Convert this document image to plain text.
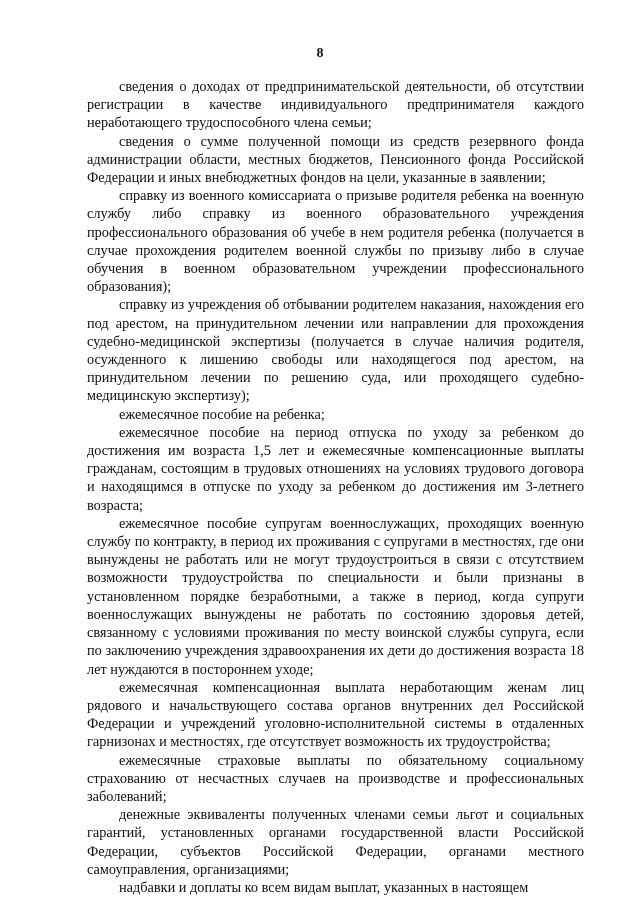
8

сведения о доходах от предпринимательской деятельности, об отсутствии регистрации в качестве индивидуального предпринимателя каждого неработающего трудоспособного члена семьи;

сведения о сумме полученной помощи из средств резервного фонда администрации области, местных бюджетов, Пенсионного фонда Российской Федерации и иных внебюджетных фондов на цели, указанные в заявлении;

справку из военного комиссариата о призыве родителя ребенка на военную службу либо справку из военного образовательного учреждения профессионального образования об учебе в нем родителя ребенка (получается в случае прохождения родителем военной службы по призыву либо в случае обучения в военном образовательном учреждении профессионального образования);

справку из учреждения об отбывании родителем наказания, нахождения его под арестом, на принудительном лечении или направлении для прохождения судебно-медицинской экспертизы (получается в случае наличия родителя, осужденного к лишению свободы или находящегося под арестом, на принудительном лечении по решению суда, или проходящего судебно-медицинскую экспертизу);

ежемесячное пособие на ребенка;

ежемесячное пособие на период отпуска по уходу за ребенком до достижения им возраста 1,5 лет и ежемесячные компенсационные выплаты гражданам, состоящим в трудовых отношениях на условиях трудового договора и находящимся в отпуске по уходу за ребенком до достижения им 3-летнего возраста;

ежемесячное пособие супругам военнослужащих, проходящих военную службу по контракту, в период их проживания с супругами в местностях, где они вынуждены не работать или не могут трудоустроиться в связи с отсутствием возможности трудоустройства по специальности и были признаны в установленном порядке безработными, а также в период, когда супруги военнослужащих вынуждены не работать по состоянию здоровья детей, связанному с условиями проживания по месту воинской службы супруга, если по заключению учреждения здравоохранения их дети до достижения возраста 18 лет нуждаются в постороннем уходе;

ежемесячная компенсационная выплата неработающим женам лиц рядового и начальствующего состава органов внутренних дел Российской Федерации и учреждений уголовно-исполнительной системы в отдаленных гарнизонах и местностях, где отсутствует возможность их трудоустройства;

ежемесячные страховые выплаты по обязательному социальному страхованию от несчастных случаев на производстве и профессиональных заболеваний;

денежные эквиваленты полученных членами семьи льгот и социальных гарантий, установленных органами государственной власти Российской Федерации, субъектов Российской Федерации, органами местного самоуправления, организациями;

надбавки и доплаты ко всем видам выплат, указанных в настоящем
